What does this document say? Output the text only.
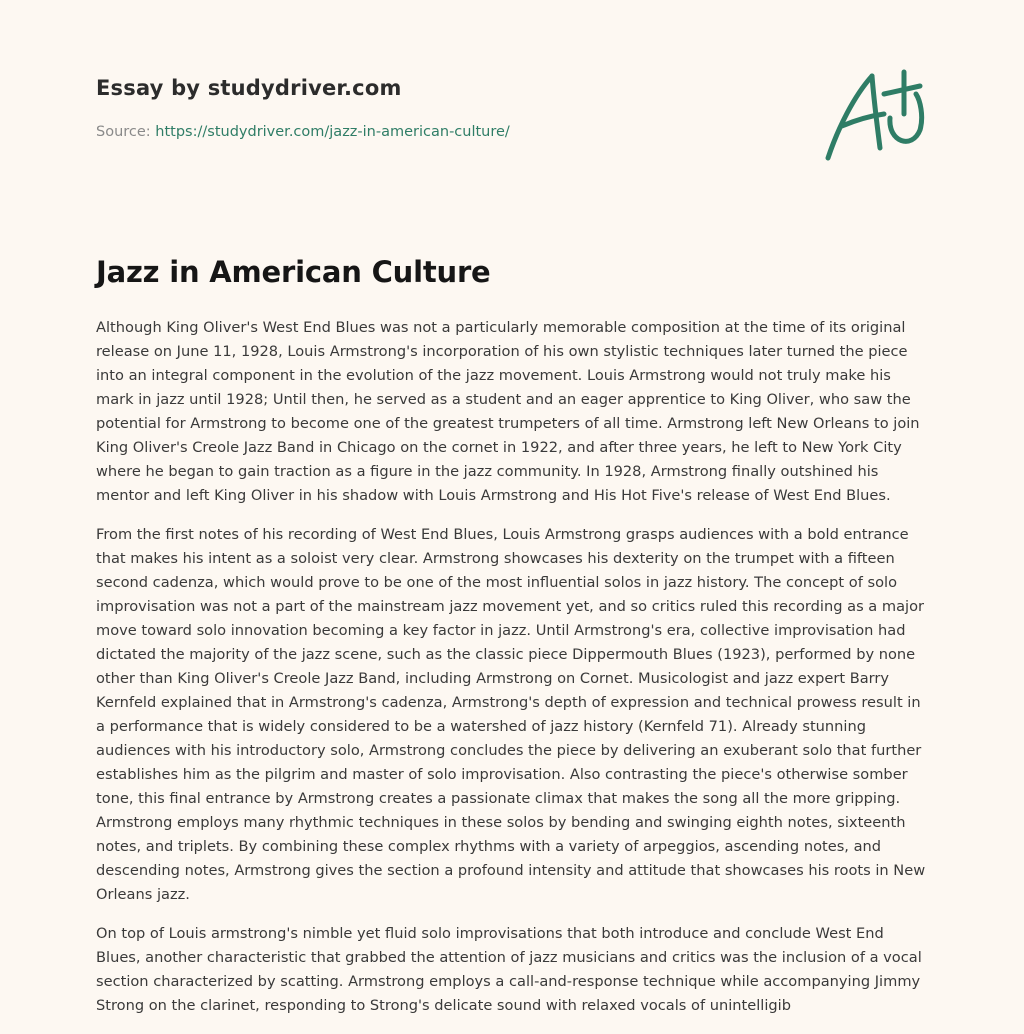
Essay by studydriver.com
Source: https://studydriver.com/jazz-in-american-culture/
Jazz in American Culture

Although King Oliver's West End Blues was not a particularly memorable composition at the time of its original release on June 11, 1928, Louis Armstrong's incorporation of his own stylistic techniques later turned the piece into an integral component in the evolution of the jazz movement. Louis Armstrong would not truly make his mark in jazz until 1928; Until then, he served as a student and an eager apprentice to King Oliver, who saw the potential for Armstrong to become one of the greatest trumpeters of all time. Armstrong left New Orleans to join King Oliver's Creole Jazz Band in Chicago on the cornet in 1922, and after three years, he left to New York City where he began to gain traction as a figure in the jazz community. In 1928, Armstrong finally outshined his mentor and left King Oliver in his shadow with Louis Armstrong and His Hot Five's release of West End Blues.

From the first notes of his recording of West End Blues, Louis Armstrong grasps audiences with a bold entrance that makes his intent as a soloist very clear. Armstrong showcases his dexterity on the trumpet with a fifteen second cadenza, which would prove to be one of the most influential solos in jazz history. The concept of solo improvisation was not a part of the mainstream jazz movement yet, and so critics ruled this recording as a major move toward solo innovation becoming a key factor in jazz. Until Armstrong's era, collective improvisation had dictated the majority of the jazz scene, such as the classic piece Dippermouth Blues (1923), performed by none other than King Oliver's Creole Jazz Band, including Armstrong on Cornet. Musicologist and jazz expert Barry Kernfeld explained that in Armstrong's cadenza, Armstrong's depth of expression and technical prowess result in a performance that is widely considered to be a watershed of jazz history (Kernfeld 71). Already stunning audiences with his introductory solo, Armstrong concludes the piece by delivering an exuberant solo that further establishes him as the pilgrim and master of solo improvisation. Also contrasting the piece's otherwise somber tone, this final entrance by Armstrong creates a passionate climax that makes the song all the more gripping. Armstrong employs many rhythmic techniques in these solos by bending and swinging eighth notes, sixteenth notes, and triplets. By combining these complex rhythms with a variety of arpeggios, ascending notes, and descending notes, Armstrong gives the section a profound intensity and attitude that showcases his roots in New Orleans jazz.

On top of Louis armstrong's nimble yet fluid solo improvisations that both introduce and conclude West End Blues, another characteristic that grabbed the attention of jazz musicians and critics was the inclusion of a vocal section characterized by scatting. Armstrong employs a call-and-response technique while accompanying Jimmy Strong on the clarinet, responding to Strong's delicate sound with relaxed vocals of unintelligib
